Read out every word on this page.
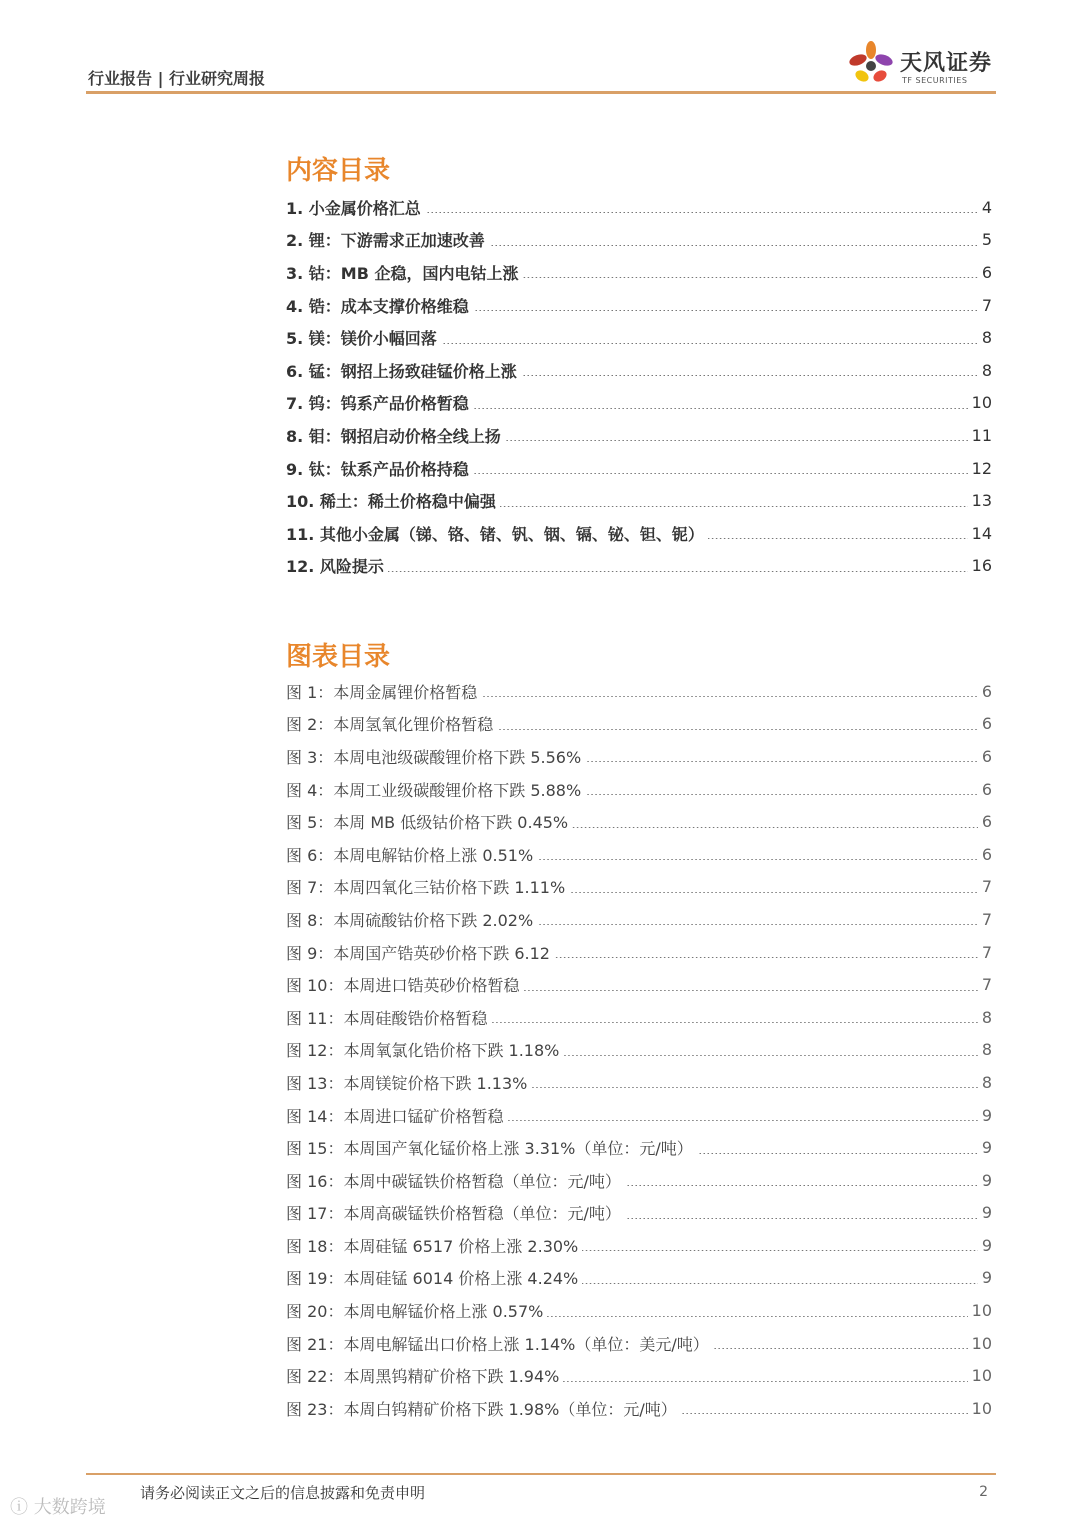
行业报告 | 行业研究周报
天风证券
TF SECURITIES
内容目录
1. 小金属价格汇总	4
2. 锂：下游需求正加速改善	5
3. 钴：MB 企稳，国内电钴上涨	6
4. 锆：成本支撑价格维稳	7
5. 镁：镁价小幅回落	8
6. 锰：钢招上扬致硅锰价格上涨	8
7. 钨：钨系产品价格暂稳	10
8. 钼：钢招启动价格全线上扬	11
9. 钛：钛系产品价格持稳	12
10. 稀土：稀土价格稳中偏强	13
11. 其他小金属（锑、铬、锗、钒、铟、镉、铋、钽、铌）	14
12. 风险提示	16
图表目录
图 1：本周金属锂价格暂稳	6
图 2：本周氢氧化锂价格暂稳	6
图 3：本周电池级碳酸锂价格下跌 5.56%	6
图 4：本周工业级碳酸锂价格下跌 5.88%	6
图 5：本周 MB 低级钴价格下跌 0.45%	6
图 6：本周电解钴价格上涨 0.51%	6
图 7：本周四氧化三钴价格下跌 1.11%	7
图 8：本周硫酸钴价格下跌 2.02%	7
图 9：本周国产锆英砂价格下跌 6.12	7
图 10：本周进口锆英砂价格暂稳	7
图 11：本周硅酸锆价格暂稳	8
图 12：本周氧氯化锆价格下跌 1.18%	8
图 13：本周镁锭价格下跌 1.13%	8
图 14：本周进口锰矿价格暂稳	9
图 15：本周国产氧化锰价格上涨 3.31%（单位：元/吨）	9
图 16：本周中碳锰铁价格暂稳（单位：元/吨）	9
图 17：本周高碳锰铁价格暂稳（单位：元/吨）	9
图 18：本周硅锰 6517 价格上涨 2.30%	9
图 19：本周硅锰 6014 价格上涨 4.24%	9
图 20：本周电解锰价格上涨 0.57%	10
图 21：本周电解锰出口价格上涨 1.14%（单位：美元/吨）	10
图 22：本周黑钨精矿价格下跌 1.94%	10
图 23：本周白钨精矿价格下跌 1.98%（单位：元/吨）	10
请务必阅读正文之后的信息披露和免责申明	2
ⓘ 大数跨境
